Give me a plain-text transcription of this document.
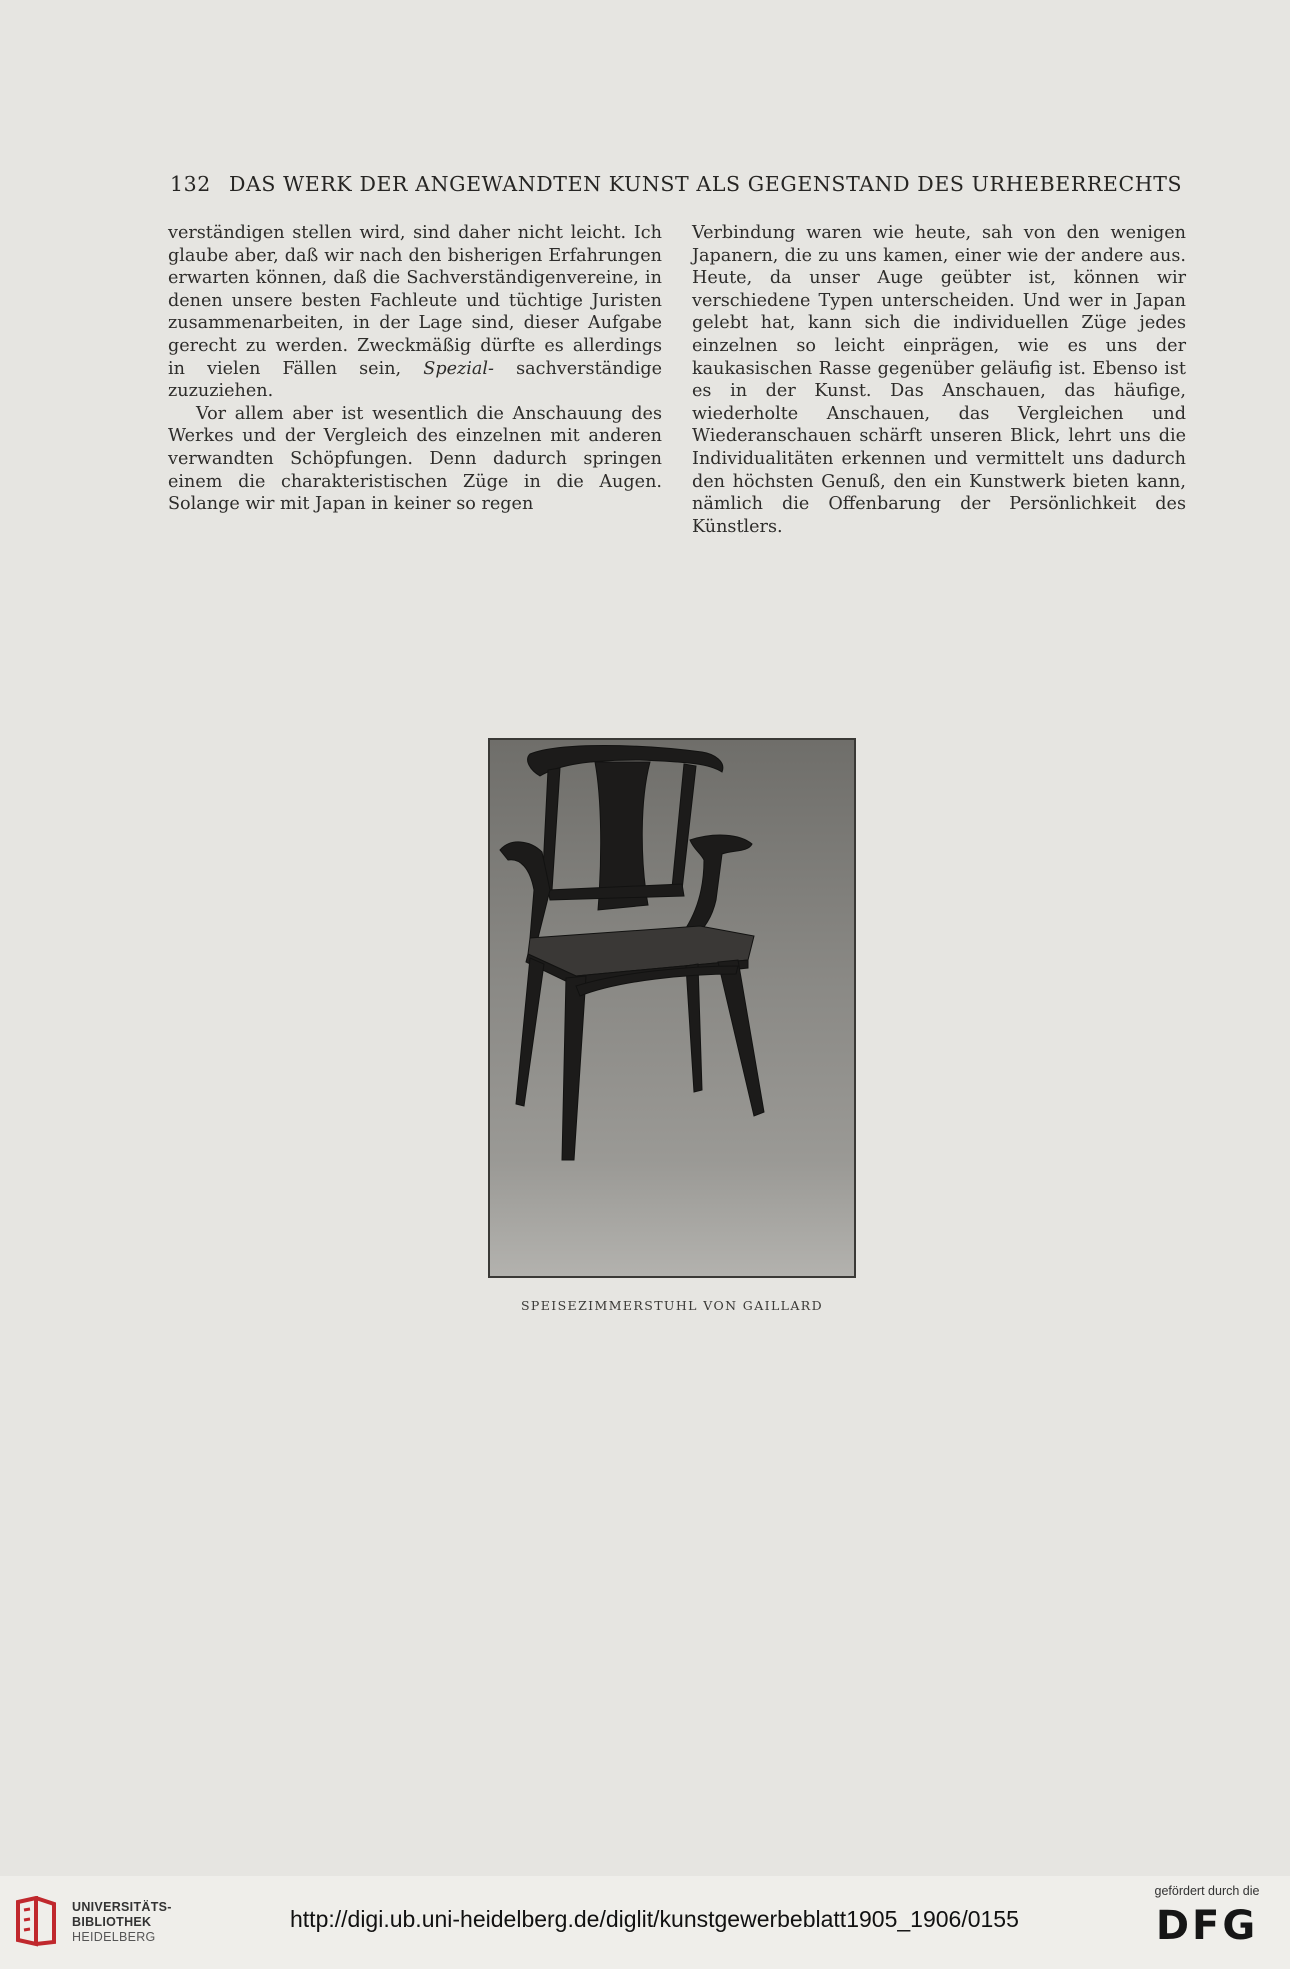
132 DAS WERK DER ANGEWANDTEN KUNST ALS GEGENSTAND DES URHEBERRECHTS

verständigen stellen wird, sind daher nicht leicht. Ich glaube aber, daß wir nach den bisherigen Erfahrungen erwarten können, daß die Sachverständigenvereine, in denen unsere besten Fachleute und tüchtige Juristen zusammenarbeiten, in der Lage sind, dieser Aufgabe gerecht zu werden. Zweckmäßig dürfte es allerdings in vielen Fällen sein, Spezial- sachverständige zuzuziehen.

Vor allem aber ist wesentlich die Anschauung des Werkes und der Vergleich des einzelnen mit anderen verwandten Schöpfungen. Denn dadurch springen einem die charakteristischen Züge in die Augen. Solange wir mit Japan in keiner so regen

Verbindung waren wie heute, sah von den wenigen Japanern, die zu uns kamen, einer wie der andere aus. Heute, da unser Auge geübter ist, können wir verschiedene Typen unterscheiden. Und wer in Japan gelebt hat, kann sich die individuellen Züge jedes einzelnen so leicht einprägen, wie es uns der kaukasischen Rasse gegenüber geläufig ist. Ebenso ist es in der Kunst. Das Anschauen, das häufige, wiederholte Anschauen, das Vergleichen und Wiederanschauen schärft unseren Blick, lehrt uns die Individualitäten erkennen und vermittelt uns dadurch den höchsten Genuß, den ein Kunstwerk bieten kann, nämlich die Offenbarung der Persönlichkeit des Künstlers.

SPEISEZIMMERSTUHL VON GAILLARD
UNIVERSITÄTS-
BIBLIOTHEK
HEIDELBERG
http://digi.ub.uni-heidelberg.de/diglit/kunstgewerbeblatt1905_1906/0155
gefördert durch die
DFG
